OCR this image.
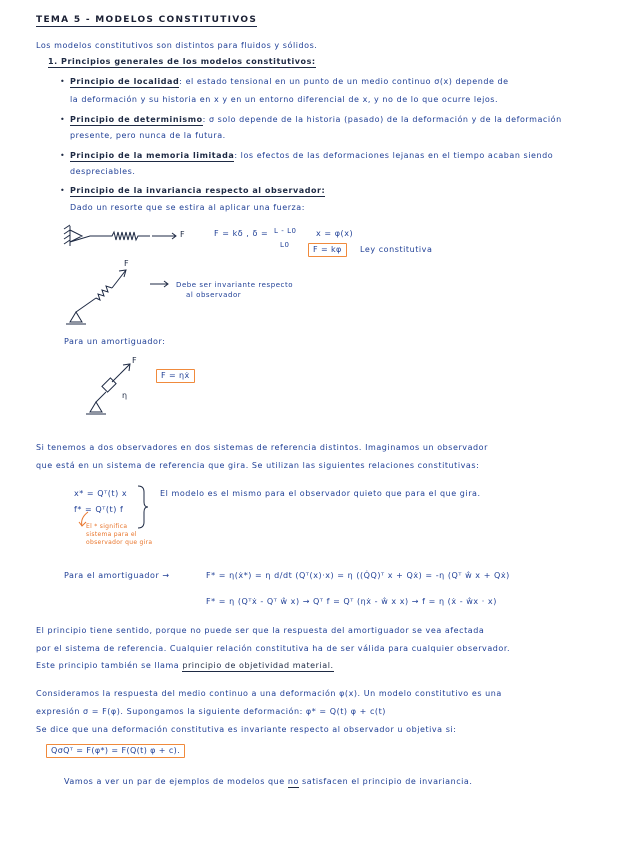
TEMA 5 - MODELOS CONSTITUTIVOS
Los modelos constitutivos son distintos para fluidos y sólidos.
1. Principios generales de los modelos constitutivos:
• Principio de localidad: el estado tensional en un punto de un medio continuo σ(x) depende de
la deformación y su historia en x y en un entorno diferencial de x, y no de lo que ocurre lejos.
• Principio de determinismo: σ solo depende de la historia (pasado) de la deformación y de la deformación
presente, pero nunca de la futura.
• Principio de la memoria limitada: los efectos de las deformaciones lejanas en el tiempo acaban siendo
despreciables.
• Principio de la invariancia respecto al observador:
Dado un resorte que se estira al aplicar una fuerza:
F	F = kδ , δ = L - L0
L0
x = φ(x)
F = kφ	Ley constitutiva
F
Debe ser invariante respecto
al observador
Para un amortiguador:
F
η
F = ηẋ
Si tenemos a dos observadores en dos sistemas de referencia distintos. Imaginamos un observador
que está en un sistema de referencia que gira. Se utilizan las siguientes relaciones constitutivas:
x* = Qᵀ(t) x
f* = Qᵀ(t) f
El modelo es el mismo para el observador quieto que para el que gira.
El * significa
sistema para el
observador que gira
Para el amortiguador →	F* = η(ẋ*) = η d/dt (Qᵀ(x)·x) = η ((Q̇Q)ᵀ x + Qẋ) = -η (Qᵀ ŵ x + Qẋ)
F* = η (Qᵀẋ - Qᵀ ŵ x) → Qᵀ f = Qᵀ (ηẋ - ŵ x x) → f = η (ẋ - ŵx · x)
El principio tiene sentido, porque no puede ser que la respuesta del amortiguador se vea afectada
por el sistema de referencia. Cualquier relación constitutiva ha de ser válida para cualquier observador.
Este principio también se llama principio de objetividad material.
Consideramos la respuesta del medio continuo a una deformación φ(x). Un modelo constitutivo es una
expresión σ = F(φ). Supongamos la siguiente deformación: φ* = Q(t) φ + c(t)
Se dice que una deformación constitutiva es invariante respecto al observador u objetiva si:
QσQᵀ = F(φ*) = F(Q(t) φ + c).
Vamos a ver un par de ejemplos de modelos que no satisfacen el principio de invariancia.
